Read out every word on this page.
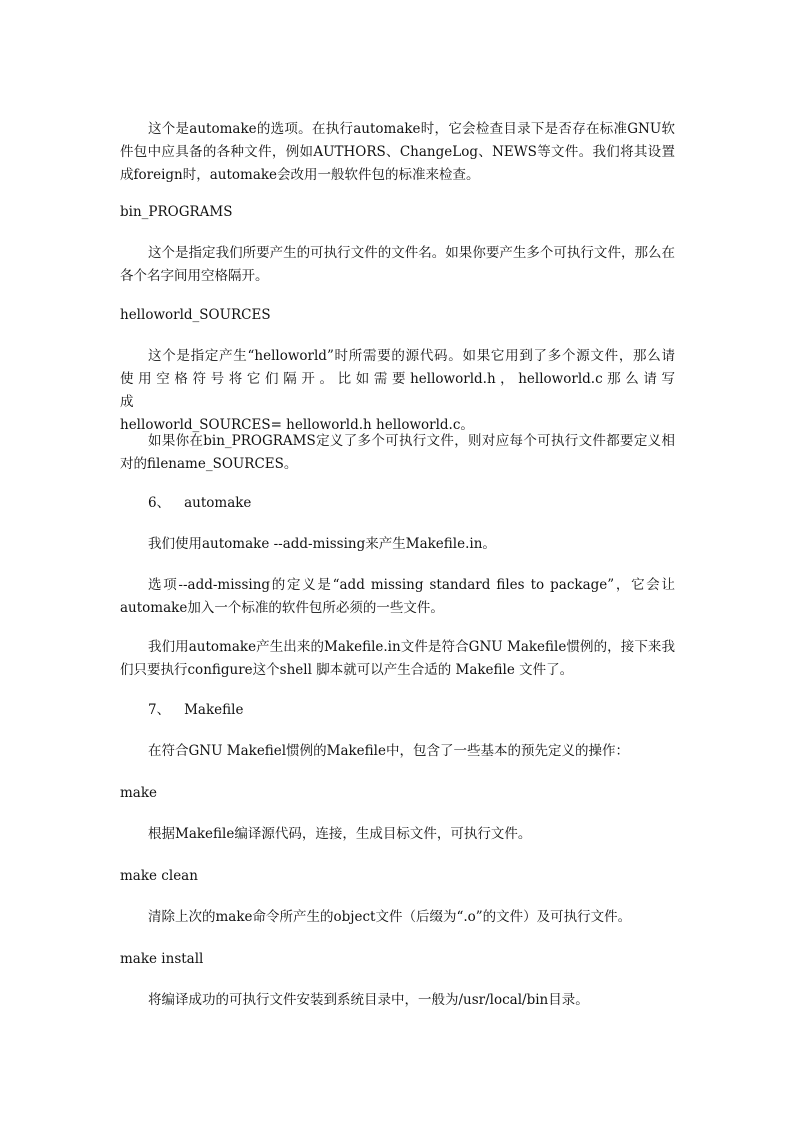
这个是automake的选项。在执行automake时，它会检查目录下是否存在标准GNU软件包中应具备的各种文件，例如AUTHORS、ChangeLog、NEWS等文件。我们将其设置成foreign时，automake会改用一般软件包的标准来检查。

bin_PROGRAMS

这个是指定我们所要产生的可执行文件的文件名。如果你要产生多个可执行文件，那么在各个名字间用空格隔开。

helloworld_SOURCES

这个是指定产生“helloworld”时所需要的源代码。如果它用到了多个源文件，那么请
使 用 空 格 符 号 将 它 们 隔 开 。 比 如 需 要 helloworld.h ， helloworld.c 那 么 请 写 成
helloworld_SOURCES= helloworld.h helloworld.c。

如果你在bin_PROGRAMS定义了多个可执行文件，则对应每个可执行文件都要定义相对的filename_SOURCES。

6、 automake

我们使用automake --add-missing来产生Makefile.in。

选项--add-missing的定义是“add missing standard files to package”，它会让automake加入一个标准的软件包所必须的一些文件。

我们用automake产生出来的Makefile.in文件是符合GNU Makefile惯例的，接下来我们只要执行configure这个shell 脚本就可以产生合适的 Makefile 文件了。

7、 Makefile

在符合GNU Makefiel惯例的Makefile中，包含了一些基本的预先定义的操作：

make

根据Makefile编译源代码，连接，生成目标文件，可执行文件。

make clean

清除上次的make命令所产生的object文件（后缀为“.o”的文件）及可执行文件。

make install

将编译成功的可执行文件安装到系统目录中，一般为/usr/local/bin目录。
